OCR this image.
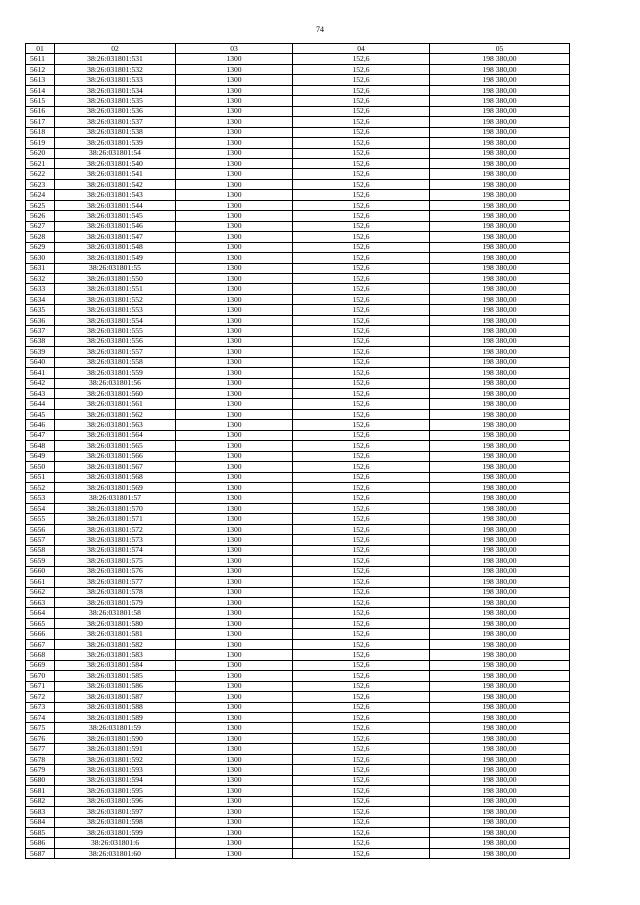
74
01	02	03	04	05
5611	38:26:031801:531	1300	152,6	198 380,00
5612	38:26:031801:532	1300	152,6	198 380,00
5613	38:26:031801:533	1300	152,6	198 380,00
5614	38:26:031801:534	1300	152,6	198 380,00
5615	38:26:031801:535	1300	152,6	198 380,00
5616	38:26:031801:536	1300	152,6	198 380,00
5617	38:26:031801:537	1300	152,6	198 380,00
5618	38:26:031801:538	1300	152,6	198 380,00
5619	38:26:031801:539	1300	152,6	198 380,00
5620	38:26:031801:54	1300	152,6	198 380,00
5621	38:26:031801:540	1300	152,6	198 380,00
5622	38:26:031801:541	1300	152,6	198 380,00
5623	38:26:031801:542	1300	152,6	198 380,00
5624	38:26:031801:543	1300	152,6	198 380,00
5625	38:26:031801:544	1300	152,6	198 380,00
5626	38:26:031801:545	1300	152,6	198 380,00
5627	38:26:031801:546	1300	152,6	198 380,00
5628	38:26:031801:547	1300	152,6	198 380,00
5629	38:26:031801:548	1300	152,6	198 380,00
5630	38:26:031801:549	1300	152,6	198 380,00
5631	38:26:031801:55	1300	152,6	198 380,00
5632	38:26:031801:550	1300	152,6	198 380,00
5633	38:26:031801:551	1300	152,6	198 380,00
5634	38:26:031801:552	1300	152,6	198 380,00
5635	38:26:031801:553	1300	152,6	198 380,00
5636	38:26:031801:554	1300	152,6	198 380,00
5637	38:26:031801:555	1300	152,6	198 380,00
5638	38:26:031801:556	1300	152,6	198 380,00
5639	38:26:031801:557	1300	152,6	198 380,00
5640	38:26:031801:558	1300	152,6	198 380,00
5641	38:26:031801:559	1300	152,6	198 380,00
5642	38:26:031801:56	1300	152,6	198 380,00
5643	38:26:031801:560	1300	152,6	198 380,00
5644	38:26:031801:561	1300	152,6	198 380,00
5645	38:26:031801:562	1300	152,6	198 380,00
5646	38:26:031801:563	1300	152,6	198 380,00
5647	38:26:031801:564	1300	152,6	198 380,00
5648	38:26:031801:565	1300	152,6	198 380,00
5649	38:26:031801:566	1300	152,6	198 380,00
5650	38:26:031801:567	1300	152,6	198 380,00
5651	38:26:031801:568	1300	152,6	198 380,00
5652	38:26:031801:569	1300	152,6	198 380,00
5653	38:26:031801:57	1300	152,6	198 380,00
5654	38:26:031801:570	1300	152,6	198 380,00
5655	38:26:031801:571	1300	152,6	198 380,00
5656	38:26:031801:572	1300	152,6	198 380,00
5657	38:26:031801:573	1300	152,6	198 380,00
5658	38:26:031801:574	1300	152,6	198 380,00
5659	38:26:031801:575	1300	152,6	198 380,00
5660	38:26:031801:576	1300	152,6	198 380,00
5661	38:26:031801:577	1300	152,6	198 380,00
5662	38:26:031801:578	1300	152,6	198 380,00
5663	38:26:031801:579	1300	152,6	198 380,00
5664	38:26:031801:58	1300	152,6	198 380,00
5665	38:26:031801:580	1300	152,6	198 380,00
5666	38:26:031801:581	1300	152,6	198 380,00
5667	38:26:031801:582	1300	152,6	198 380,00
5668	38:26:031801:583	1300	152,6	198 380,00
5669	38:26:031801:584	1300	152,6	198 380,00
5670	38:26:031801:585	1300	152,6	198 380,00
5671	38:26:031801:586	1300	152,6	198 380,00
5672	38:26:031801:587	1300	152,6	198 380,00
5673	38:26:031801:588	1300	152,6	198 380,00
5674	38:26:031801:589	1300	152,6	198 380,00
5675	38:26:031801:59	1300	152,6	198 380,00
5676	38:26:031801:590	1300	152,6	198 380,00
5677	38:26:031801:591	1300	152,6	198 380,00
5678	38:26:031801:592	1300	152,6	198 380,00
5679	38:26:031801:593	1300	152,6	198 380,00
5680	38:26:031801:594	1300	152,6	198 380,00
5681	38:26:031801:595	1300	152,6	198 380,00
5682	38:26:031801:596	1300	152,6	198 380,00
5683	38:26:031801:597	1300	152,6	198 380,00
5684	38:26:031801:598	1300	152,6	198 380,00
5685	38:26:031801:599	1300	152,6	198 380,00
5686	38:26:031801:6	1300	152,6	198 380,00
5687	38:26:031801:60	1300	152,6	198 380,00
